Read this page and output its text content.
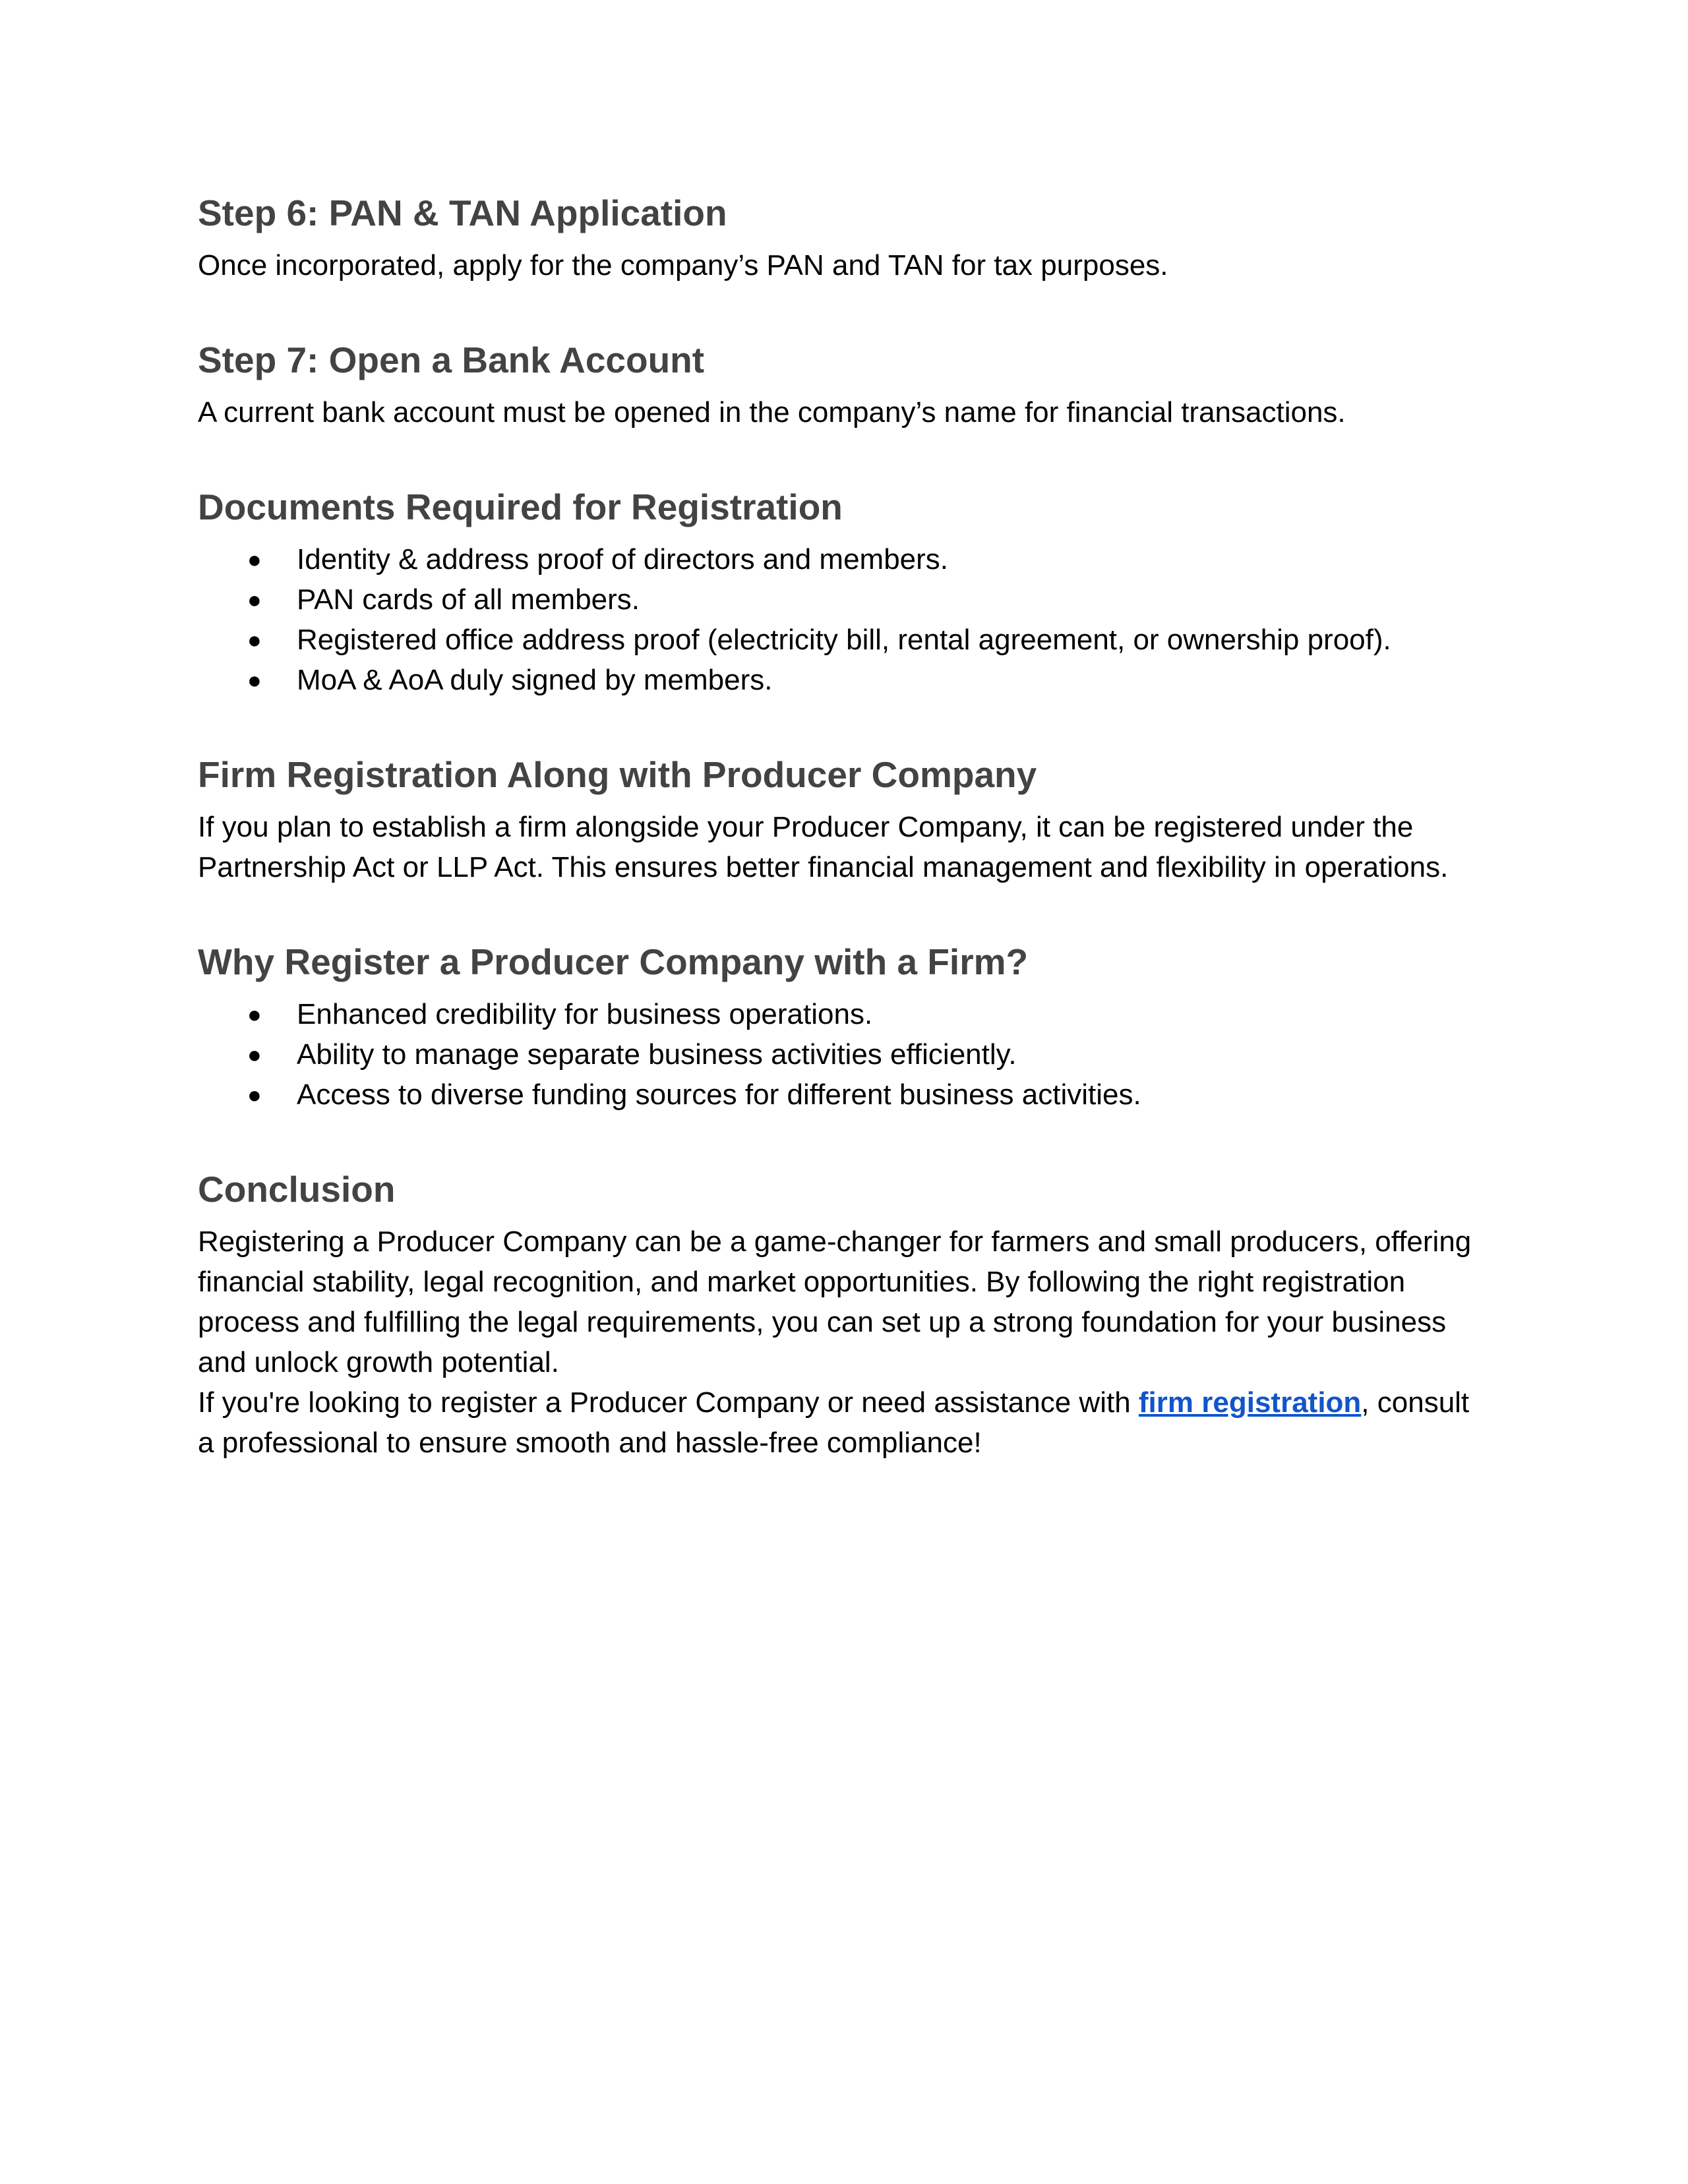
Step 6: PAN & TAN Application

Once incorporated, apply for the company’s PAN and TAN for tax purposes.

Step 7: Open a Bank Account

A current bank account must be opened in the company’s name for financial transactions.

Documents Required for Registration
● Identity & address proof of directors and members.
● PAN cards of all members.
● Registered office address proof (electricity bill, rental agreement, or ownership proof).
● MoA & AoA duly signed by members.
Firm Registration Along with Producer Company

If you plan to establish a firm alongside your Producer Company, it can be registered under the Partnership Act or LLP Act. This ensures better financial management and flexibility in operations.

Why Register a Producer Company with a Firm?
● Enhanced credibility for business operations.
● Ability to manage separate business activities efficiently.
● Access to diverse funding sources for different business activities.
Conclusion

Registering a Producer Company can be a game-changer for farmers and small producers, offering financial stability, legal recognition, and market opportunities. By following the right registration process and fulfilling the legal requirements, you can set up a strong foundation for your business and unlock growth potential.

If you're looking to register a Producer Company or need assistance with firm registration, consult a professional to ensure smooth and hassle-free compliance!
